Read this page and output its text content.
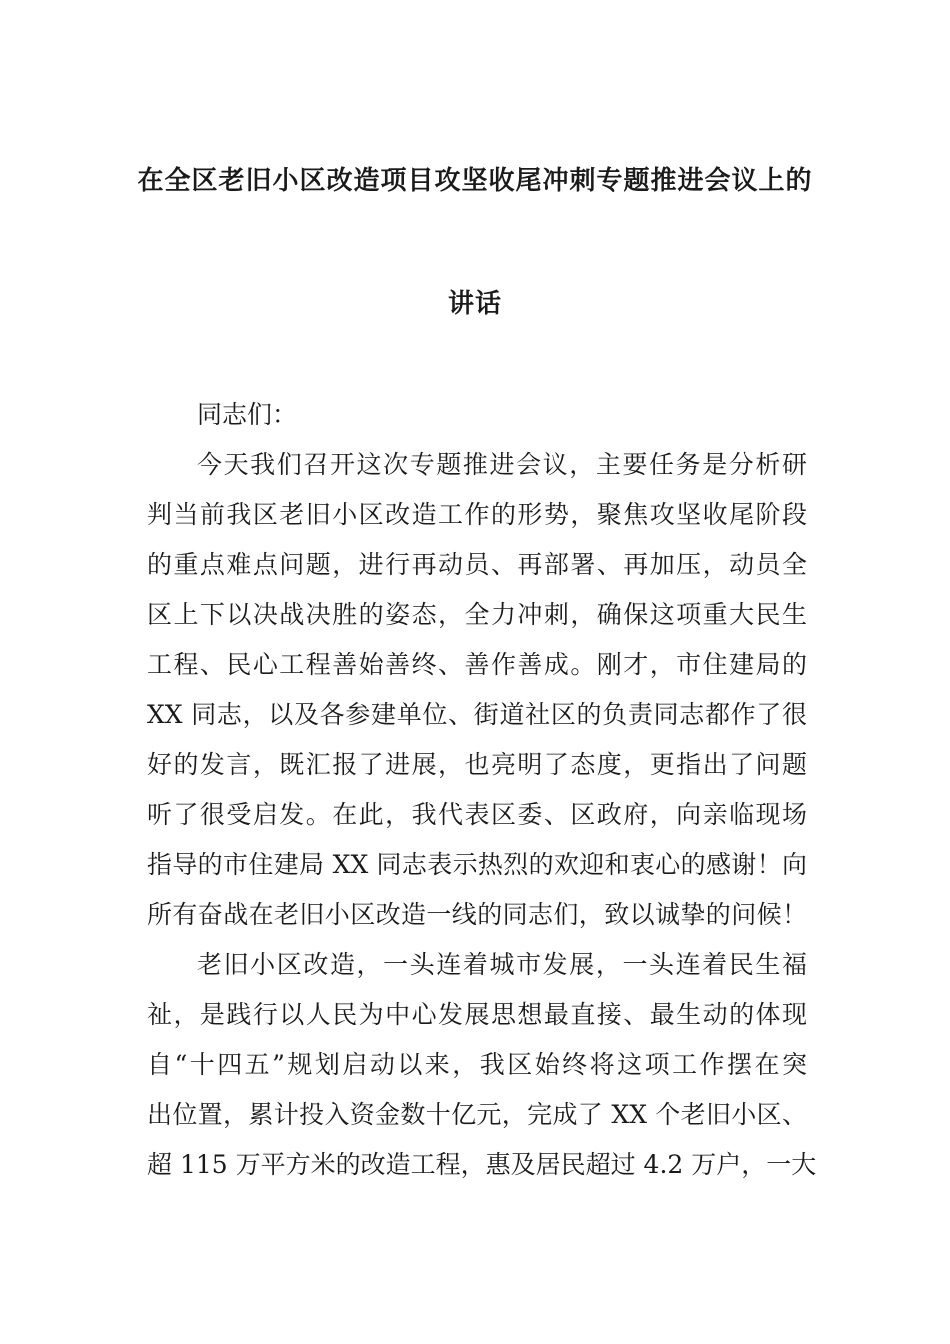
在全区老旧小区改造项目攻坚收尾冲刺专题推进会议上的
讲话
同志们：
今天我们召开这次专题推进会议，主要任务是分析研
判当前我区老旧小区改造工作的形势，聚焦攻坚收尾阶段
的重点难点问题，进行再动员、再部署、再加压，动员全
区上下以决战决胜的姿态，全力冲刺，确保这项重大民生
工程、民心工程善始善终、善作善成。刚才，市住建局的
XX 同志，以及各参建单位、街道社区的负责同志都作了很
好的发言，既汇报了进展，也亮明了态度，更指出了问题
听了很受启发。在此，我代表区委、区政府，向亲临现场
指导的市住建局 XX 同志表示热烈的欢迎和衷心的感谢！向
所有奋战在老旧小区改造一线的同志们，致以诚挚的问候！
老旧小区改造，一头连着城市发展，一头连着民生福
祉，是践行以人民为中心发展思想最直接、最生动的体现
自“十四五”规划启动以来，我区始终将这项工作摆在突
出位置，累计投入资金数十亿元，完成了 XX 个老旧小区、
超 115 万平方米的改造工程，惠及居民超过 4.2 万户，一大
